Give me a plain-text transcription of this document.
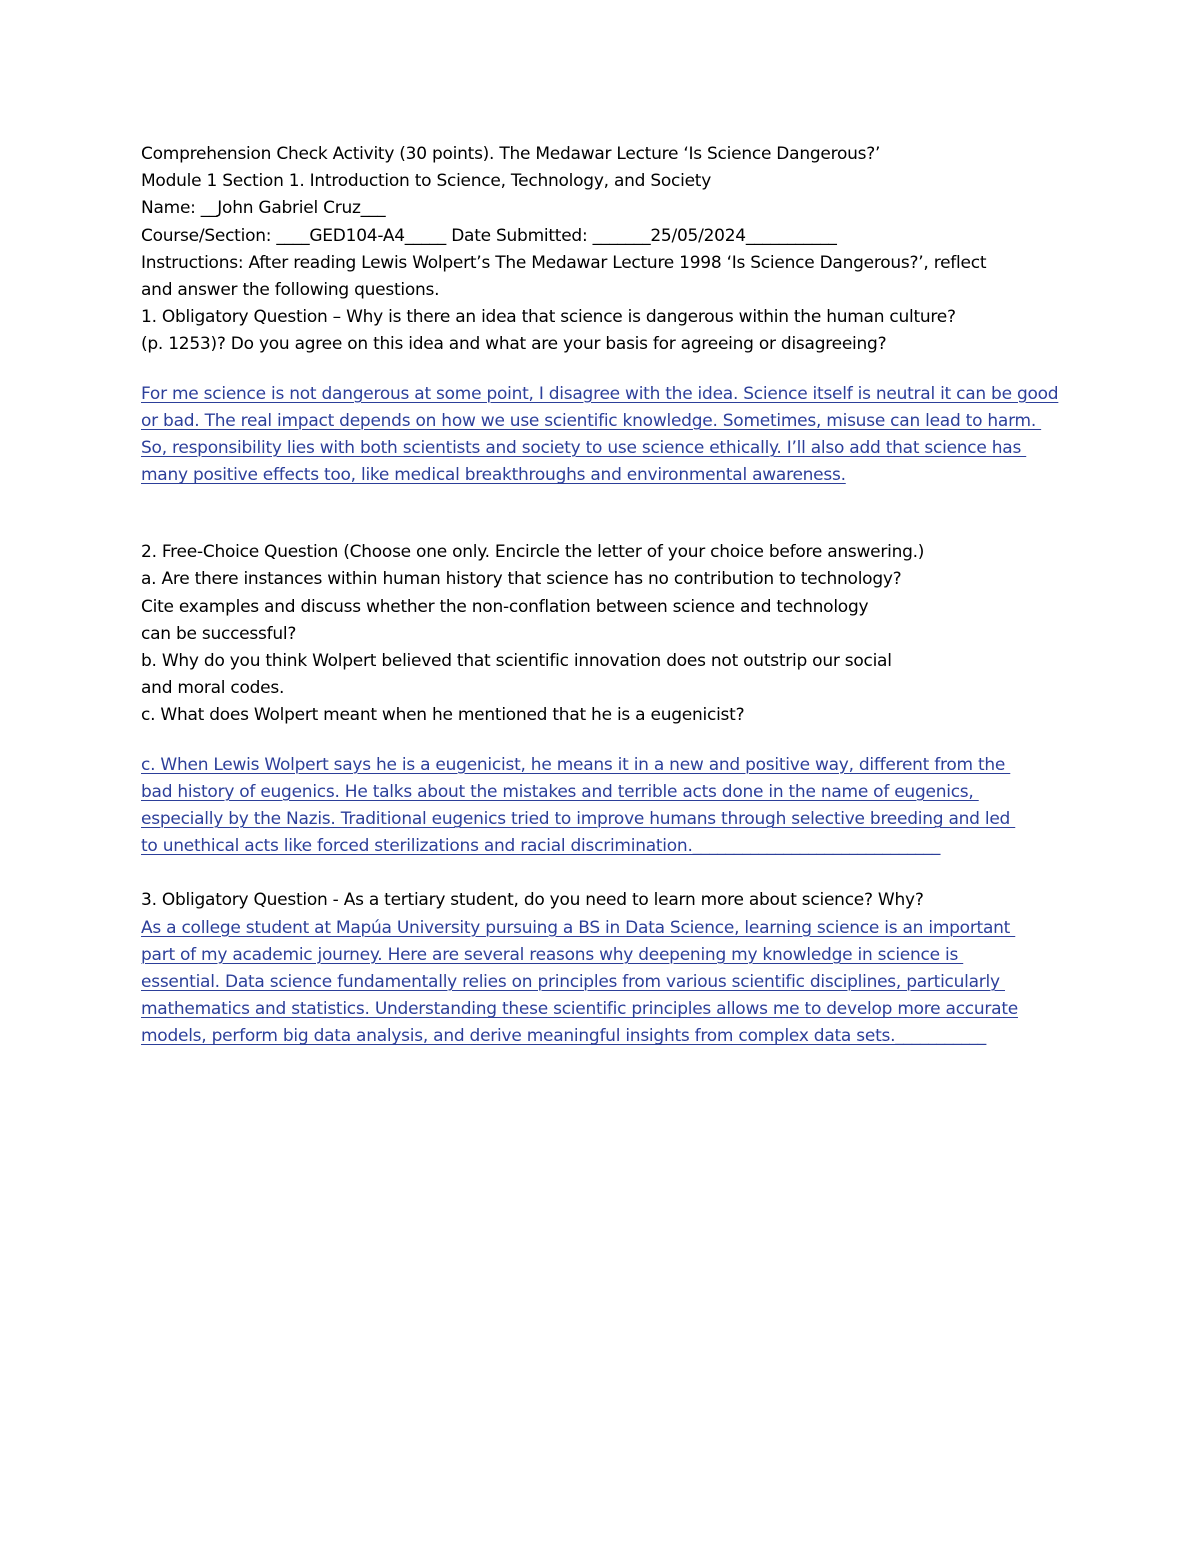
Comprehension Check Activity (30 points). The Medawar Lecture ‘Is Science Dangerous?’
Module 1 Section 1. Introduction to Science, Technology, and Society
Name: __John Gabriel Cruz___
Course/Section: ____GED104-A4_____ Date Submitted: _______25/05/2024___________
Instructions: After reading Lewis Wolpert’s The Medawar Lecture 1998 ‘Is Science Dangerous?’, reflect
and answer the following questions.
1. Obligatory Question – Why is there an idea that science is dangerous within the human culture?
(p. 1253)? Do you agree on this idea and what are your basis for agreeing or disagreeing?
For me science is not dangerous at some point, I disagree with the idea. Science itself is neutral it can be good
or bad. The real impact depends on how we use scientific knowledge. Sometimes, misuse can lead to harm.
So, responsibility lies with both scientists and society to use science ethically. I’ll also add that science has
many positive effects too, like medical breakthroughs and environmental awareness.
2. Free-Choice Question (Choose one only. Encircle the letter of your choice before answering.)
a. Are there instances within human history that science has no contribution to technology?
Cite examples and discuss whether the non-conflation between science and technology
can be successful?
b. Why do you think Wolpert believed that scientific innovation does not outstrip our social
and moral codes.
c. What does Wolpert meant when he mentioned that he is a eugenicist?
c. When Lewis Wolpert says he is a eugenicist, he means it in a new and positive way, different from the
bad history of eugenics. He talks about the mistakes and terrible acts done in the name of eugenics,
especially by the Nazis. Traditional eugenics tried to improve humans through selective breeding and led
to unethical acts like forced sterilizations and racial discrimination.______________________________
3. Obligatory Question - As a tertiary student, do you need to learn more about science? Why?
As a college student at Mapúa University pursuing a BS in Data Science, learning science is an important
part of my academic journey. Here are several reasons why deepening my knowledge in science is
essential. Data science fundamentally relies on principles from various scientific disciplines, particularly
mathematics and statistics. Understanding these scientific principles allows me to develop more accurate
models, perform big data analysis, and derive meaningful insights from complex data sets.___________
